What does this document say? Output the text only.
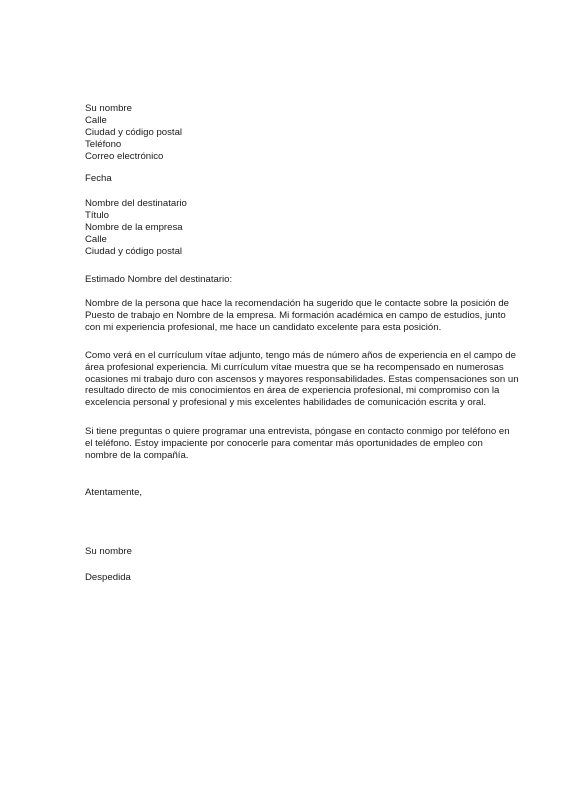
Su nombre
Calle
Ciudad y código postal
Teléfono
Correo electrónico
Fecha
Nombre del destinatario
Título
Nombre de la empresa
Calle
Ciudad y código postal
Estimado Nombre del destinatario:
Nombre de la persona que hace la recomendación ha sugerido que le contacte sobre la posición de
Puesto de trabajo en Nombre de la empresa. Mi formación académica en campo de estudios, junto
con mi experiencia profesional, me hace un candidato excelente para esta posición.
Como verá en el currículum vítae adjunto, tengo más de número años de experiencia en el campo de
área profesional experiencia. Mi currículum vítae muestra que se ha recompensado en numerosas
ocasiones mi trabajo duro con ascensos y mayores responsabilidades. Estas compensaciones son un
resultado directo de mis conocimientos en área de experiencia profesional, mi compromiso con la
excelencia personal y profesional y mis excelentes habilidades de comunicación escrita y oral.
Si tiene preguntas o quiere programar una entrevista, póngase en contacto conmigo por teléfono en
el teléfono. Estoy impaciente por conocerle para comentar más oportunidades de empleo con
nombre de la compañía.
Atentamente,
Su nombre
Despedida
